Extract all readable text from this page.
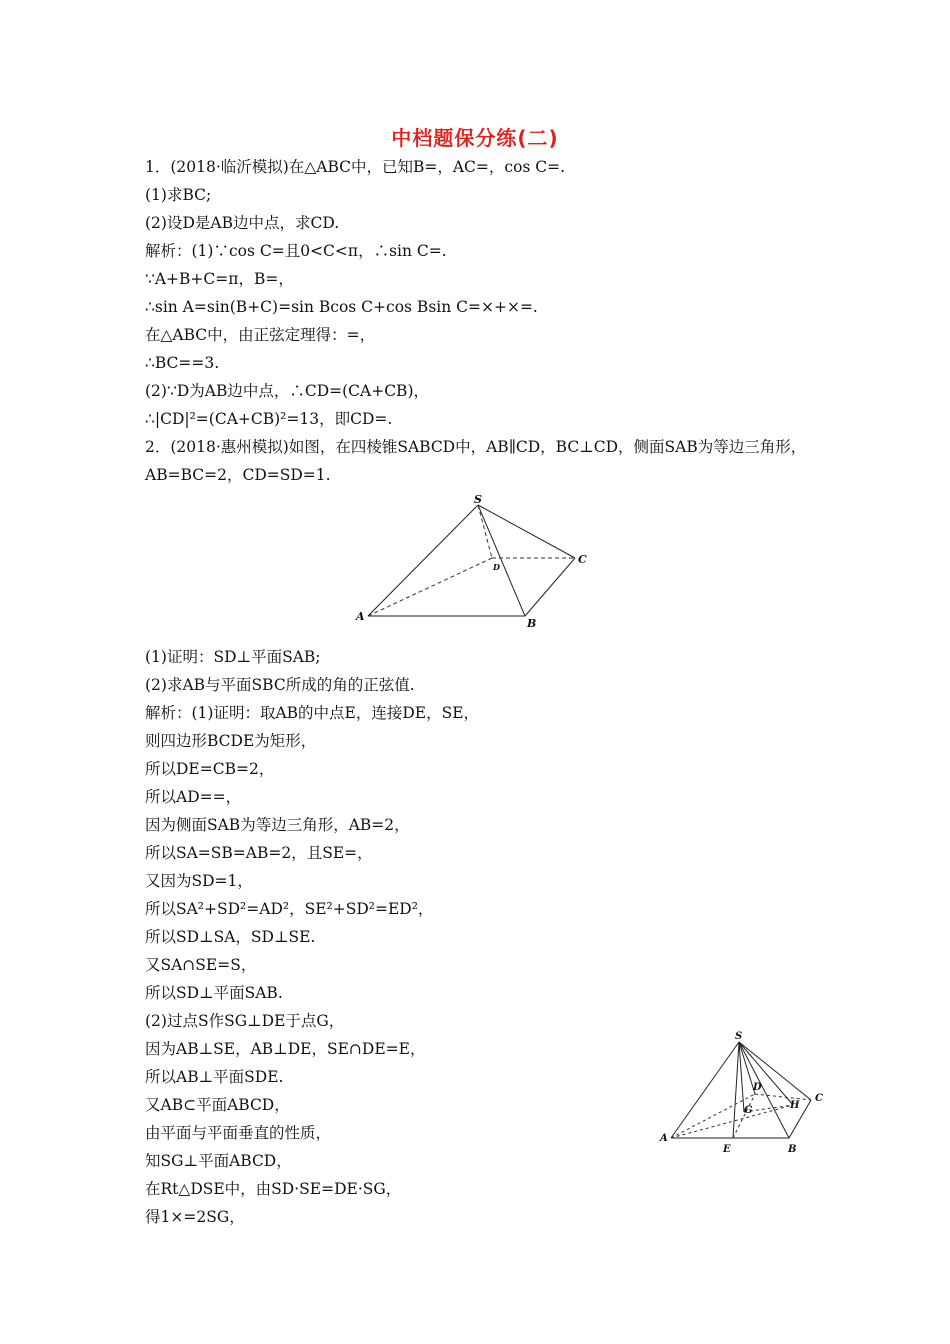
中档题保分练(二)
1．(2018·临沂模拟)在△ABC中，已知B=，AC=，cos C=.
(1)求BC;
(2)设D是AB边中点，求CD.
解析：(1)∵cos C=且0<C<π，∴sin C=.
∵A+B+C=π，B=，
∴sin A=sin(B+C)=sin Bcos C+cos Bsin C=×+×=.
在△ABC中，由正弦定理得：=，
∴BC==3.
(2)∵D为AB边中点，∴CD=(CA+CB)，
∴|CD|²=(CA+CB)²=13，即CD=.
2．(2018·惠州模拟)如图，在四棱锥SABCD中，AB∥CD，BC⊥CD，侧面SAB为等边三角形，
AB=BC=2，CD=SD=1.
S
D
C
A
B
(1)证明：SD⊥平面SAB;
(2)求AB与平面SBC所成的角的正弦值.
解析：(1)证明：取AB的中点E，连接DE，SE，
则四边形BCDE为矩形，
所以DE=CB=2，
所以AD==，
因为侧面SAB为等边三角形，AB=2，
所以SA=SB=AB=2，且SE=，
又因为SD=1，
所以SA²+SD²=AD²，SE²+SD²=ED²，
所以SD⊥SA，SD⊥SE.
又SA∩SE=S，
所以SD⊥平面SAB.
(2)过点S作SG⊥DE于点G，
因为AB⊥SE，AB⊥DE，SE∩DE=E，
所以AB⊥平面SDE.
又AB⊂平面ABCD，
由平面与平面垂直的性质，
知SG⊥平面ABCD，
在Rt△DSE中，由SD·SE=DE·SG，
得1×=2SG，
S
D
H
C
G
A
E	B
